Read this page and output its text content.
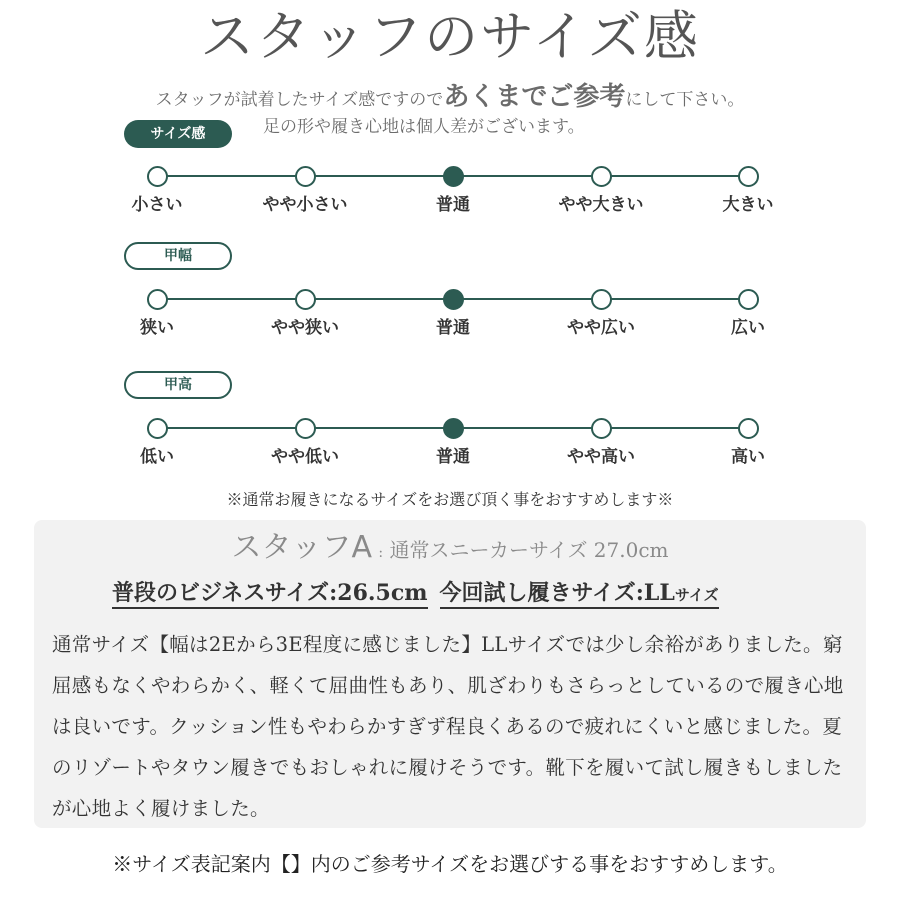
スタッフのサイズ感
スタッフが試着したサイズ感ですのであくまでご参考にして下さい。
足の形や履き心地は個人差がございます。
サイズ感
小さい	やや小さい	普通	やや大きい	大きい
甲幅
狭い	やや狭い	普通	やや広い	広い
甲高
低い	やや低い	普通	やや高い	高い
※通常お履きになるサイズをお選び頂く事をおすすめします※
スタッフA : 通常スニーカーサイズ 27.0cm
普段のビジネスサイズ:26.5cm 今回試し履きサイズ:LLサイズ
通常サイズ【幅は2Eから3E程度に感じました】LLサイズでは少し余裕がありました。窮屈感もなくやわらかく、軽くて屈曲性もあり、肌ざわりもさらっとしているので履き心地は良いです。クッション性もやわらかすぎず程良くあるので疲れにくいと感じました。夏のリゾートやタウン履きでもおしゃれに履けそうです。靴下を履いて試し履きもしましたが心地よく履けました。
※サイズ表記案内【】内のご参考サイズをお選びする事をおすすめします。
